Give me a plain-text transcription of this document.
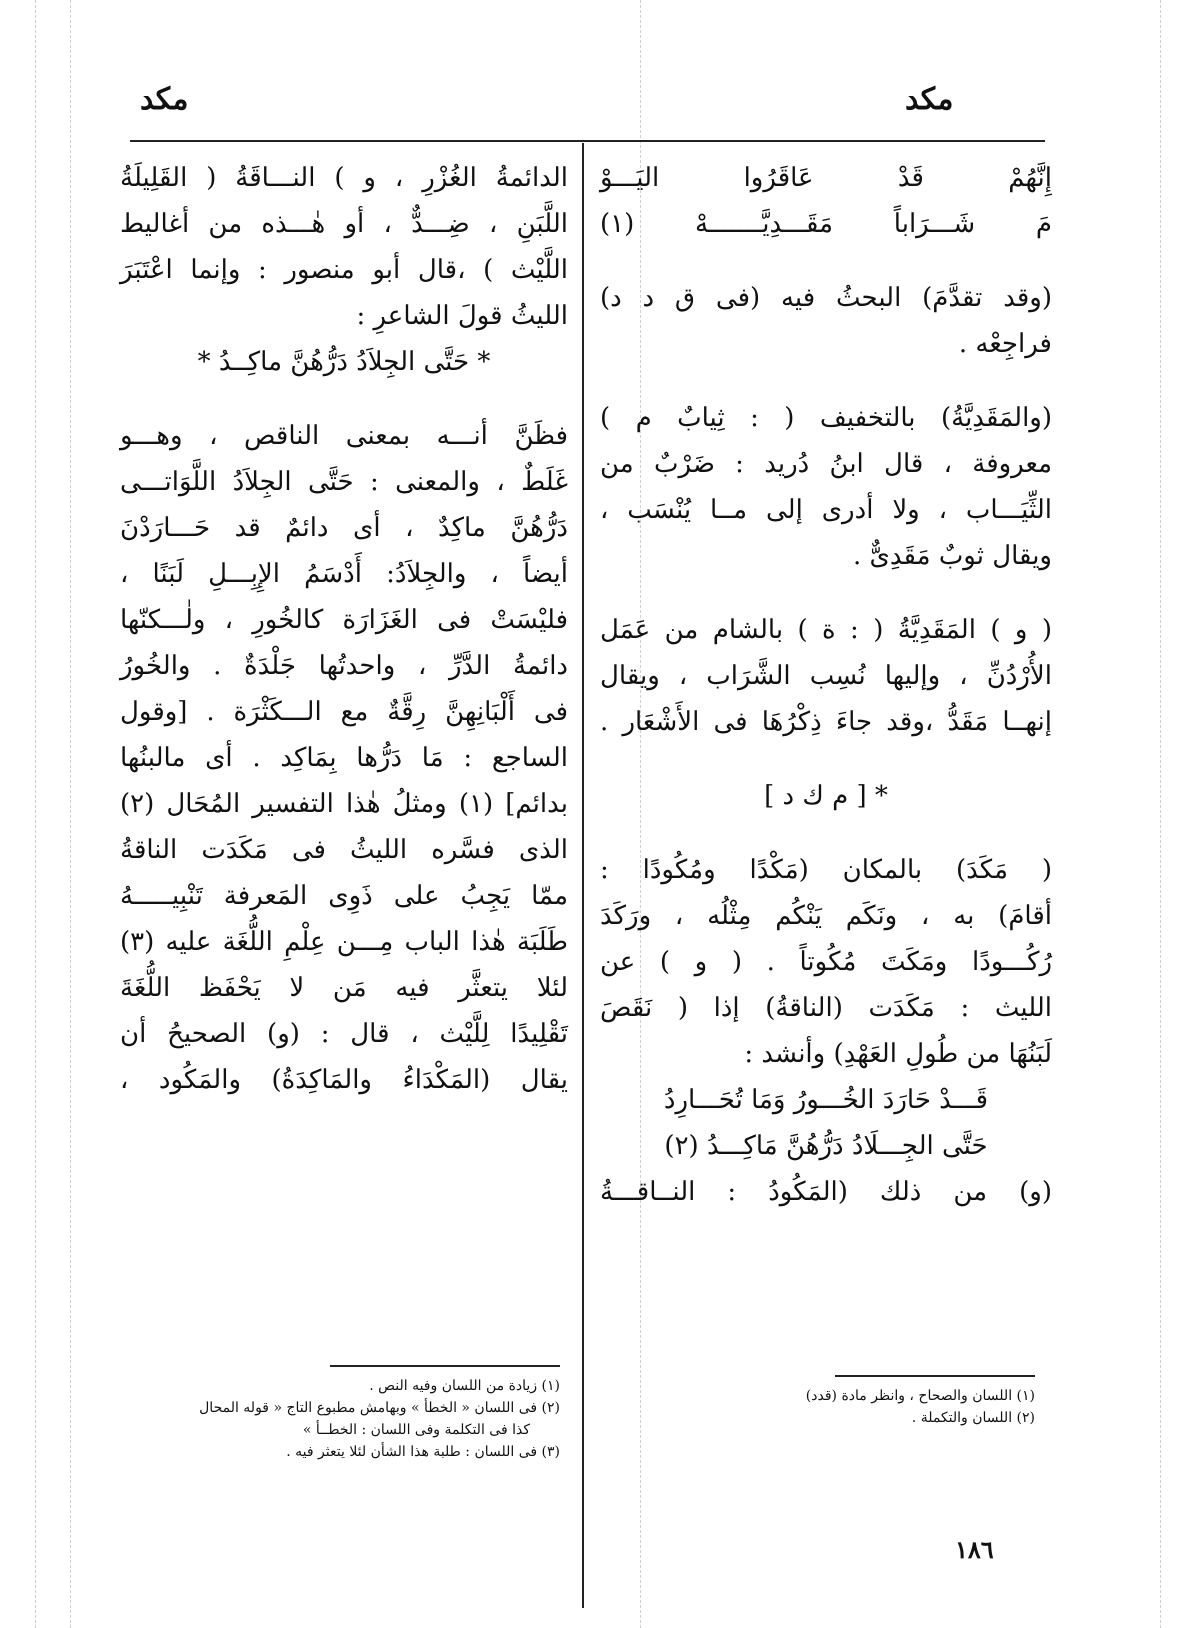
مكد	مكد
إِنَّهُمْ قَدْ عَاقَرُوا اليَـــوْ
مَ شَـــرَاباً مَقَـــدِيَّـــــــهْ (١)
(وقد تقدَّمَ) البحثُ فيه (فى ق د د)
فراجِعْه .
(والمَقَدِيَّةُ) بالتخفيف ( : ثِيابٌ م )
معروفة ، قال ابنُ دُريد : ضَرْبٌ من
الثِّيَـــاب ، ولا أدرى إلى مــا يُنْسَب ،
ويقال ثوبٌ مَقَدِىٌّ .
( و ) المَقَدِيَّةُ ( : ة ) بالشام من عَمَل
الأُرْدُنِّ ، وإليها نُسِب الشَّرَاب ، ويقال
إنهــا مَقَدُّ ،وقد جاءَ ذِكْرُهَا فى الأَشْعَار .
* [ م ك د ]
( مَكَدَ) بالمكان (مَكْدًا ومُكُودًا :
أقامَ) به ، ونَكَم يَنْكُم مِثْلُه ، ورَكَدَ
رُكُـــودًا ومَكَتَ مُكُوتاً . ( و ) عن
الليث : مَكَدَت (الناقةُ) إذا ( نَقَصَ
لَبَنُهَا من طُولِ العَهْدِ) وأنشد :
قَـــدْ حَارَدَ الخُـــورُ وَمَا تُحَـــارِدُ
حَتَّى الجِـــلَادُ دَرُّهُنَّ مَاكِـــدُ (٢)
(و) من ذلك (المَكُودُ : النــاقـــةُ
(١) اللسان والصحاح ، وانظر مادة (قدد)
(٢) اللسان والتكملة .
الدائمةُ الغُزْرِ ، و ) النـــاقَةُ ( القَلِيلَةُ
اللَّبَنِ ، ضِـــدٌّ ، أو هٰـــذه من أغاليط
اللَّيْث ) ،قال أبو منصور : وإنما اعْتَبَرَ
الليثُ قولَ الشاعرِ :
* حَتَّى الجِلاَدُ دَرُّهُنَّ ماكِــدُ *
فظَنَّ أنـــه بمعنى الناقص ، وهـــو
غَلَطٌ ، والمعنى : حَتَّى الجِلاَدُ اللَّوَاتـــى
دَرُّهُنَّ ماكِدٌ ، أى دائمٌ قد حَـــارَدْنَ
أيضاً ، والجِلاَدُ: أَدْسَمُ الإِبِـــلِ لَبَنًا ،
فليْسَتْ فى الغَزَارَة كالخُورِ ، ولٰـــكنّها
دائمةُ الدَّرِّ ، واحدتُها جَلْدَةٌ . والخُورُ
فى أَلْبَانِهِنَّ رِقَّةٌ مع الـــكَثْرَة . [وقول
الساجع : مَا دَرُّها بِمَاكِد . أى مالبنُها
بدائم] (١) ومثلُ هٰذا التفسير المُحَال (٢)
الذى فسَّره الليثُ فى مَكَدَت الناقةُ
ممّا يَجِبُ على ذَوِى المَعرفة تَنْبِيـــــهُ
طَلَبَة هٰذا الباب مِـــن عِلْمِ اللُّغَة عليه (٣)
لئلا يتعثَّر فيه مَن لا يَحْفَظ اللُّغَةَ
تَقْلِيدًا لِلَّيْث ، قال : (و) الصحيحُ أن
يقال (المَكْدَاءُ والمَاكِدَةُ) والمَكُود ،
(١) زيادة من اللسان وفيه النص .
(٢) فى اللسان « الخطأ » وبهامش مطبوع التاج « قوله المحال
كذا فى التكلمة وفى اللسان : الخطــأ »
(٣) فى اللسان : طلبة هذا الشأن لئلا يتعثر فيه .
١٨٦
